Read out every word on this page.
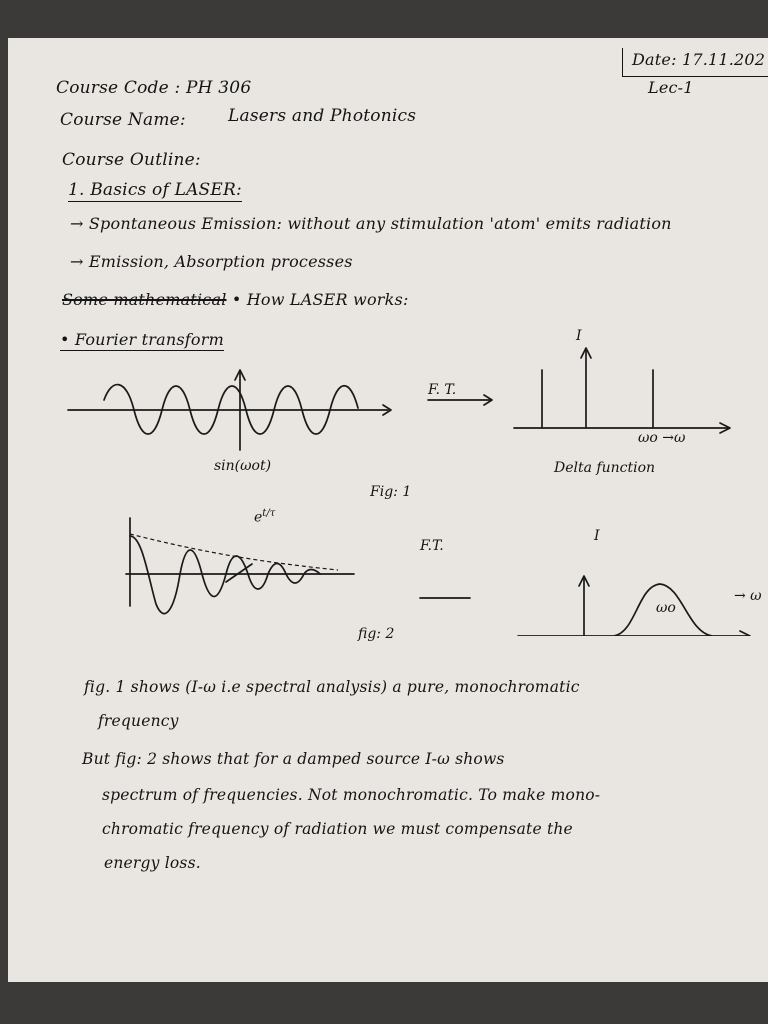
Date: 17.11.202
Lec-1
Course Code : PH 306
Course Name: Lasers and Photonics
Course Outline:
1. Basics of LASER:
→ Spontaneous Emission: without any stimulation 'atom' emits radiation
→ Emission, Absorption processes
Some mathematical • How LASER works:
• Fourier transform
F. T.
I
ωo →ω
sin(ωot)	Delta function
Fig: 1
$e^{t/\tau}$
F.T.
I
ωo
→ ω
fig: 2
fig. 1 shows (I-ω i.e spectral analysis) a pure, monochromatic
frequency
But fig: 2 shows that for a damped source I-ω shows
spectrum of frequencies. Not monochromatic. To make mono-
chromatic frequency of radiation we must compensate the
energy loss.
